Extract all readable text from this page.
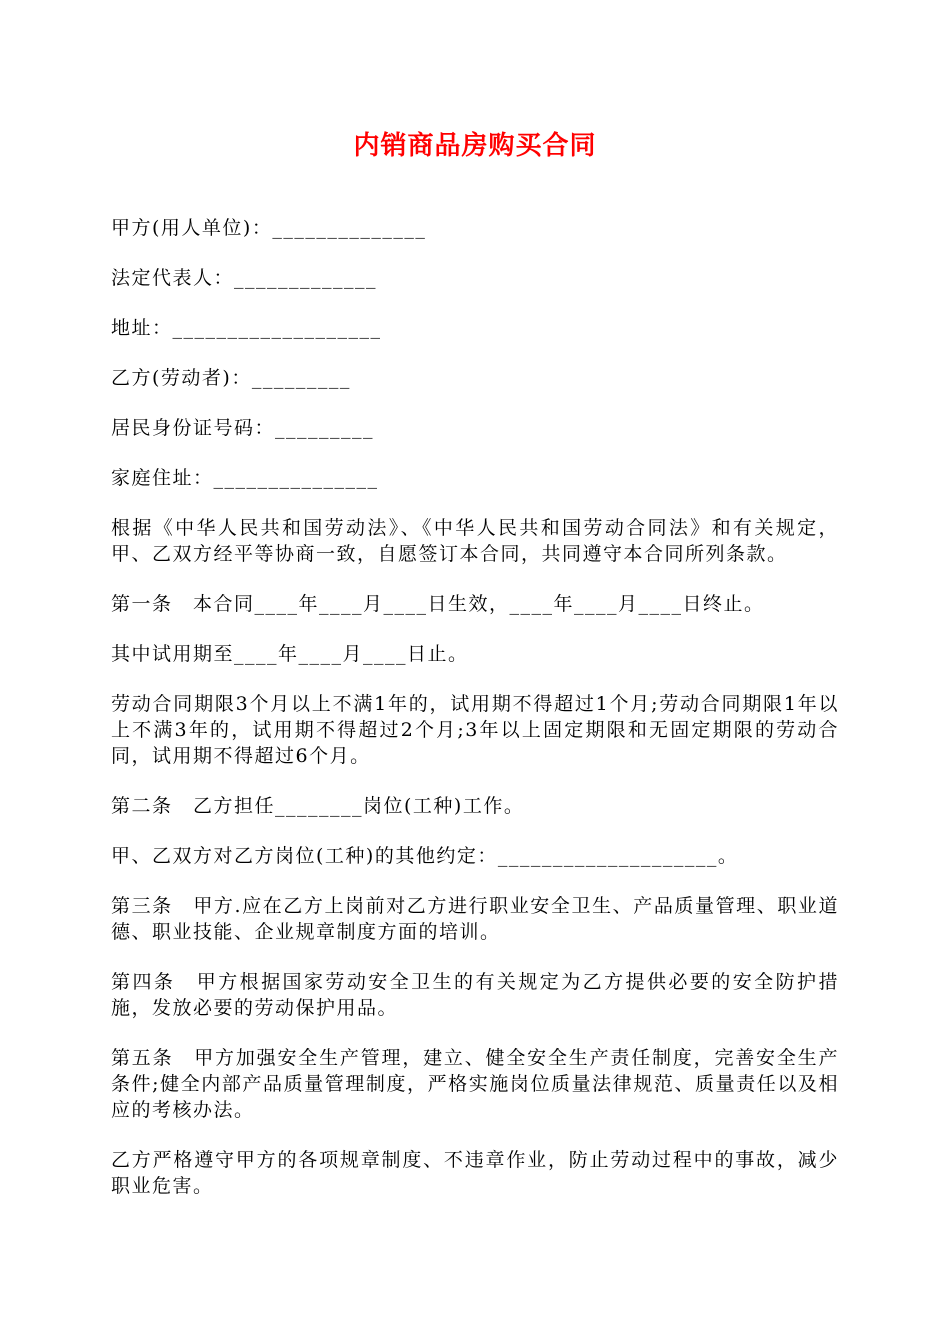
内销商品房购买合同

甲方(用人单位)：______________

法定代表人：_____________

地址：___________________

乙方(劳动者)：_________

居民身份证号码：_________

家庭住址：_______________

根据《中华人民共和国劳动法》、《中华人民共和国劳动合同法》和有关规定，甲、乙双方经平等协商一致，自愿签订本合同，共同遵守本合同所列条款。

第一条　本合同____年____月____日生效，____年____月____日终止。

其中试用期至____年____月____日止。

劳动合同期限3个月以上不满1年的，试用期不得超过1个月;劳动合同期限1年以上不满3年的，试用期不得超过2个月;3年以上固定期限和无固定期限的劳动合同，试用期不得超过6个月。

第二条　乙方担任________岗位(工种)工作。

甲、乙双方对乙方岗位(工种)的其他约定：____________________。

第三条　甲方.应在乙方上岗前对乙方进行职业安全卫生、产品质量管理、职业道德、职业技能、企业规章制度方面的培训。

第四条　甲方根据国家劳动安全卫生的有关规定为乙方提供必要的安全防护措施，发放必要的劳动保护用品。

第五条　甲方加强安全生产管理，建立、健全安全生产责任制度，完善安全生产条件;健全内部产品质量管理制度，严格实施岗位质量法律规范、质量责任以及相应的考核办法。

乙方严格遵守甲方的各项规章制度、不违章作业，防止劳动过程中的事故，减少职业危害。
